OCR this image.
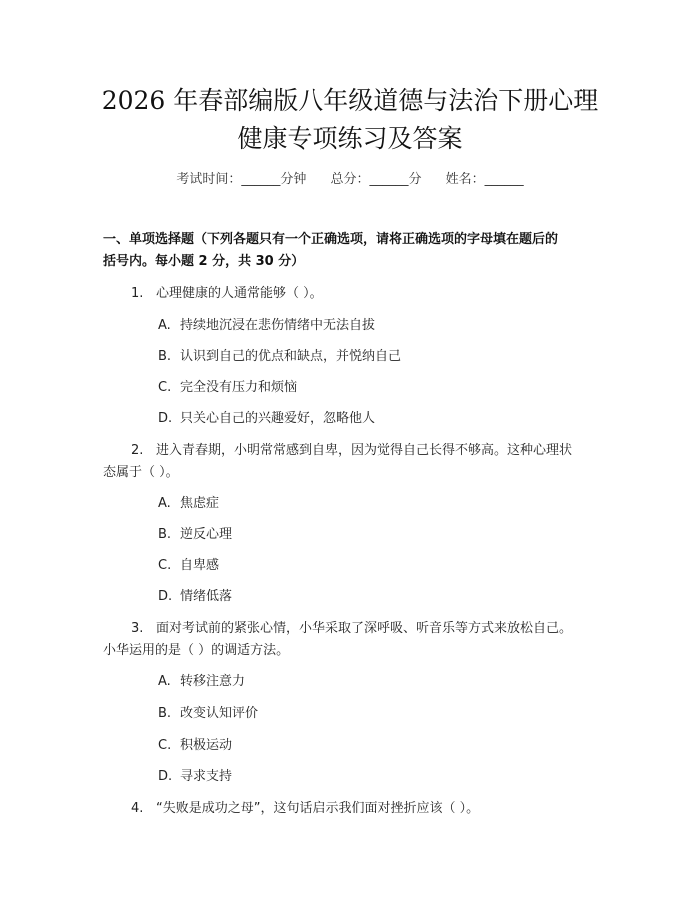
2026 年春部编版八年级道德与法治下册心理
健康专项练习及答案
考试时间：______分钟 总分：______分 姓名：______
一、单项选择题（下列各题只有一个正确选项，请将正确选项的字母填在题后的
括号内。每小题 2 分，共 30 分）
1. 心理健康的人通常能够（ ）。
A. 持续地沉浸在悲伤情绪中无法自拔
B. 认识到自己的优点和缺点，并悦纳自己
C. 完全没有压力和烦恼
D. 只关心自己的兴趣爱好，忽略他人
2. 进入青春期，小明常常感到自卑，因为觉得自己长得不够高。这种心理状
态属于（ ）。
A. 焦虑症
B. 逆反心理
C. 自卑感
D. 情绪低落
3. 面对考试前的紧张心情，小华采取了深呼吸、听音乐等方式来放松自己。
小华运用的是（ ）的调适方法。
A. 转移注意力
B. 改变认知评价
C. 积极运动
D. 寻求支持
4. “失败是成功之母”，这句话启示我们面对挫折应该（ ）。
